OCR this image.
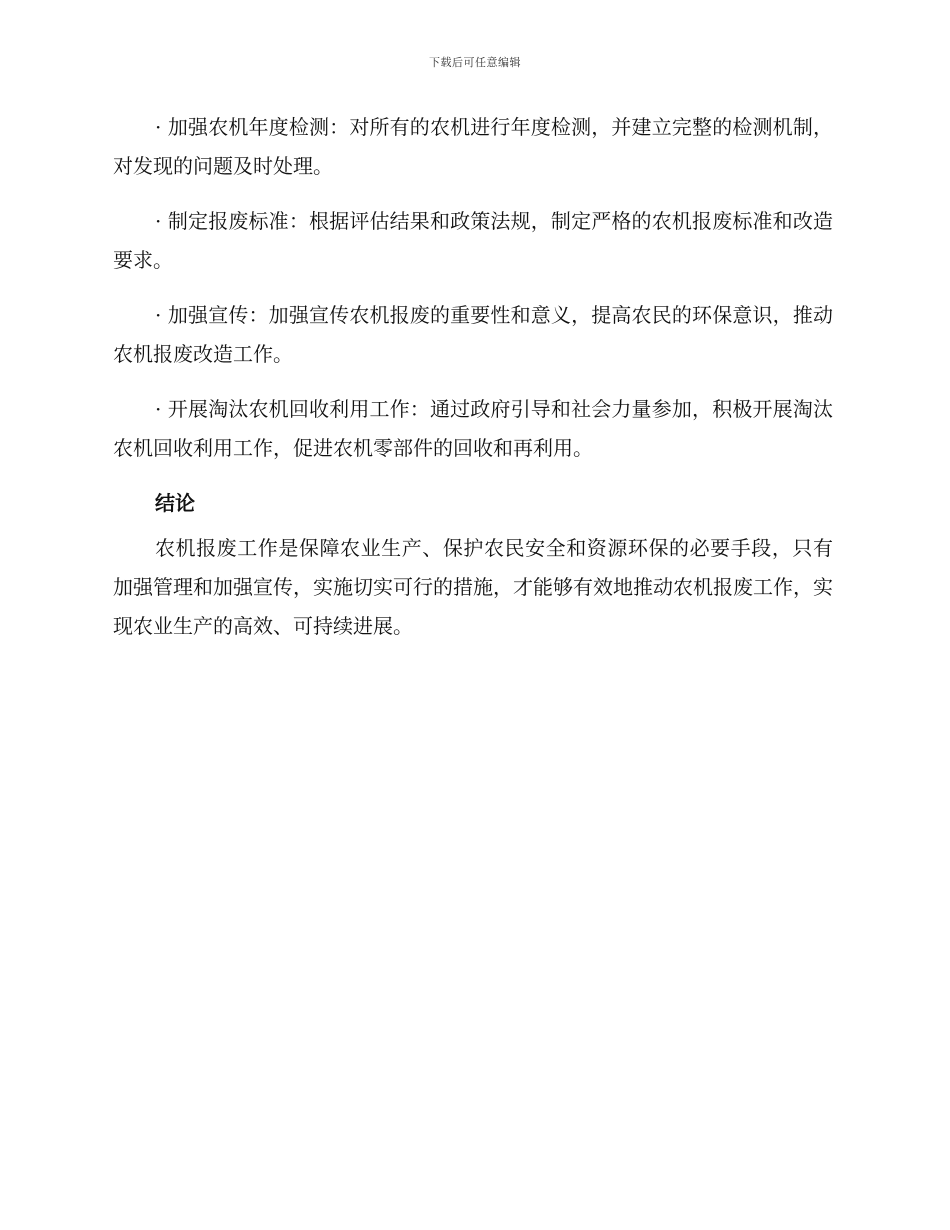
下载后可任意编辑

· 加强农机年度检测：对所有的农机进行年度检测，并建立完整的检测机制，对发现的问题及时处理。

· 制定报废标准：根据评估结果和政策法规，制定严格的农机报废标准和改造要求。

· 加强宣传：加强宣传农机报废的重要性和意义，提高农民的环保意识，推动农机报废改造工作。

· 开展淘汰农机回收利用工作：通过政府引导和社会力量参加，积极开展淘汰农机回收利用工作，促进农机零部件的回收和再利用。

结论

农机报废工作是保障农业生产、保护农民安全和资源环保的必要手段，只有加强管理和加强宣传，实施切实可行的措施，才能够有效地推动农机报废工作，实现农业生产的高效、可持续进展。
